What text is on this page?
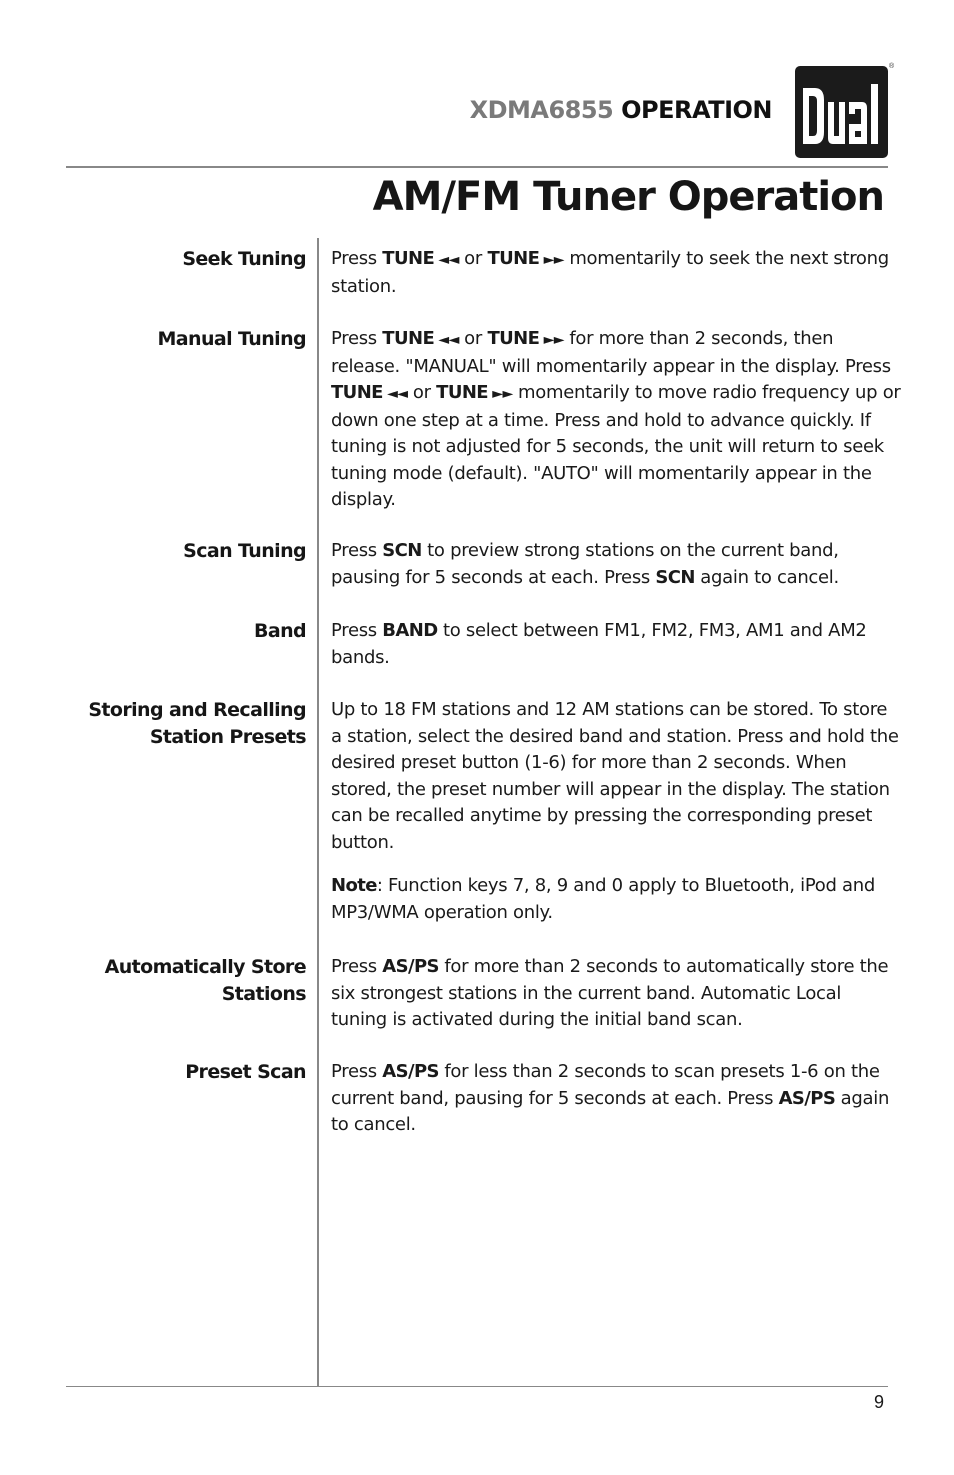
XDMA6855 OPERATION
®
AM/FM Tuner Operation
Seek Tuning Press TUNE ◄◄ or TUNE ►► momentarily to seek the next strong station.
Manual Tuning Press TUNE ◄◄ or TUNE ►► for more than 2 seconds, then release. "MANUAL" will momentarily appear in the display. Press TUNE ◄◄ or TUNE ►► momentarily to move radio frequency up or down one step at a time. Press and hold to advance quickly. If tuning is not adjusted for 5 seconds, the unit will return to seek tuning mode (default). "AUTO" will momentarily appear in the display.
Scan Tuning Press SCN to preview strong stations on the current band, pausing for 5 seconds at each. Press SCN again to cancel.
Band Press BAND to select between FM1, FM2, FM3, AM1 and AM2 bands.
Storing and Recalling
Station Presets
Up to 18 FM stations and 12 AM stations can be stored. To store a station, select the desired band and station. Press and hold the desired preset button (1-6) for more than 2 seconds. When stored, the preset number will appear in the display. The station can be recalled anytime by pressing the corresponding preset button.
Note: Function keys 7, 8, 9 and 0 apply to Bluetooth, iPod and MP3/WMA operation only.
Automatically Store
Stations
Press AS/PS for more than 2 seconds to automatically store the six strongest stations in the current band. Automatic Local tuning is activated during the initial band scan.
Preset Scan Press AS/PS for less than 2 seconds to scan presets 1-6 on the current band, pausing for 5 seconds at each. Press AS/PS again to cancel.
9
